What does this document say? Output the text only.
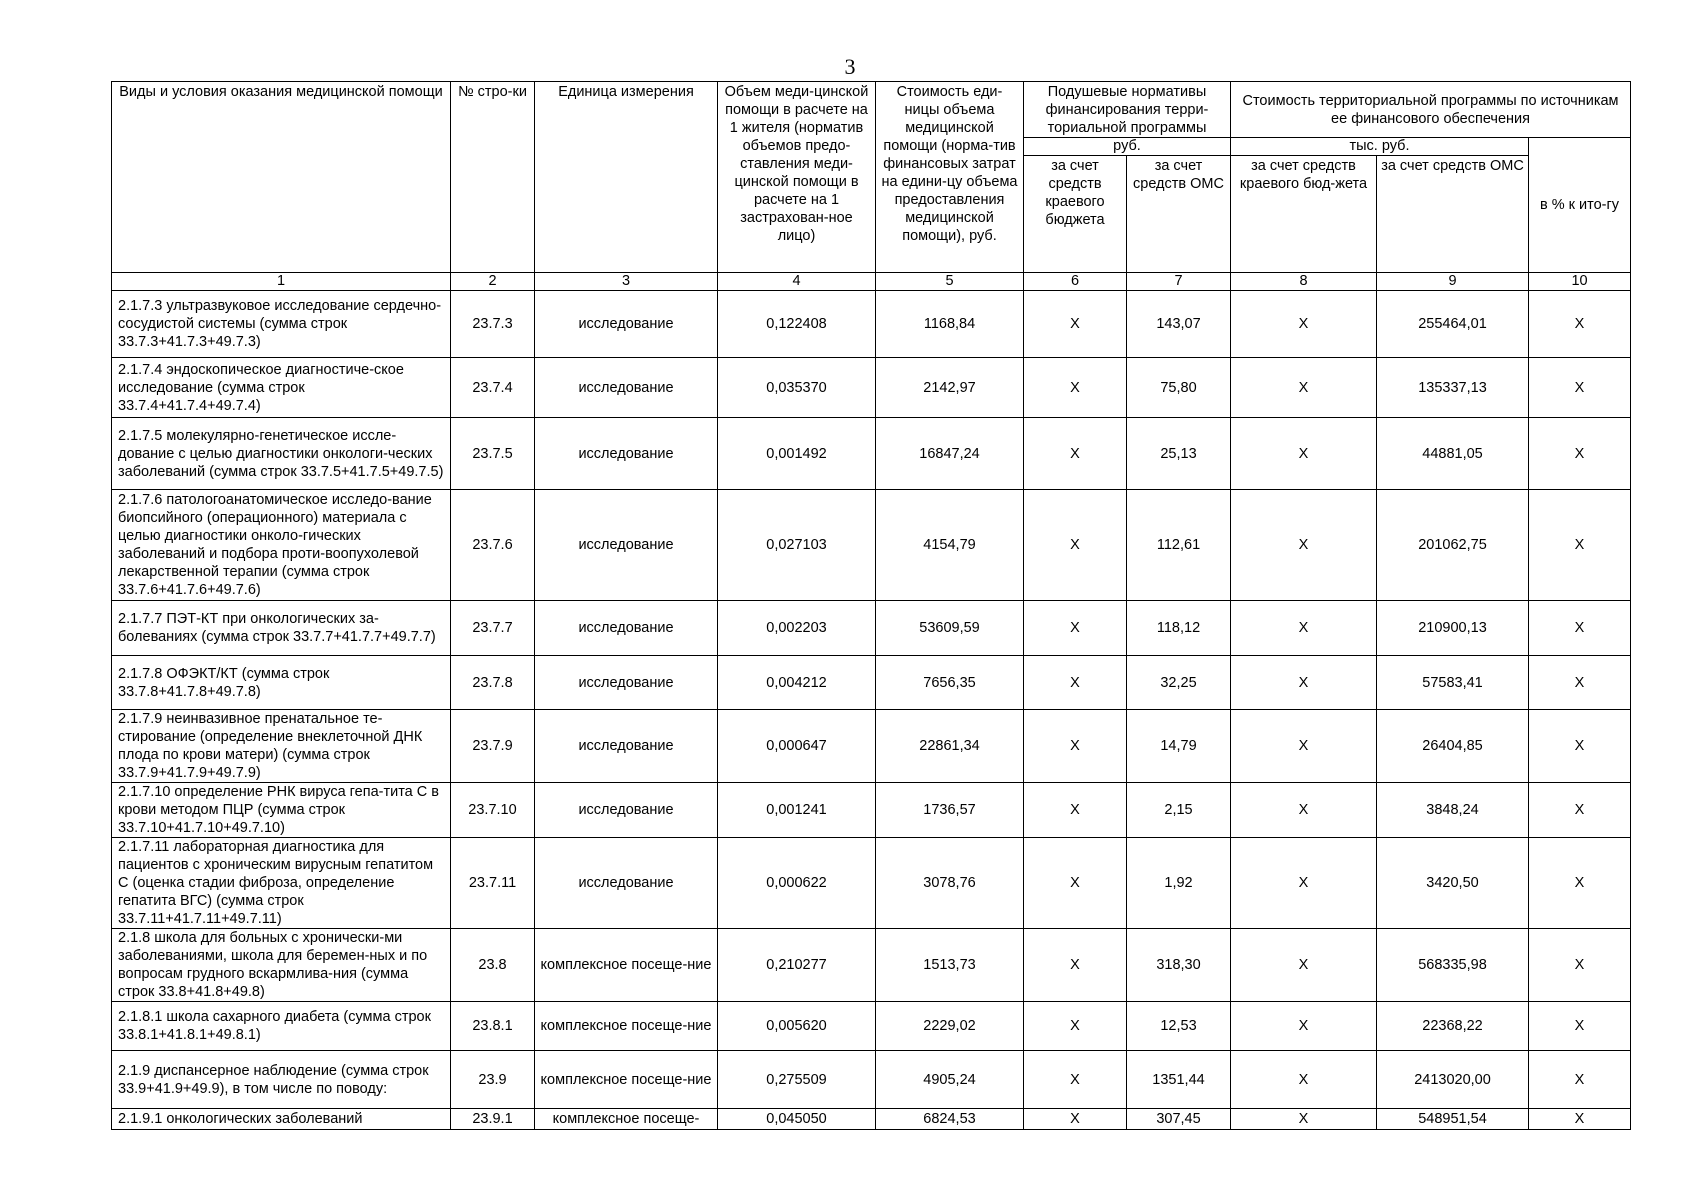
3
Виды и условия оказания медицинской помощи	№ стро-ки	Единица измерения	Объем меди-цинской помощи в расчете на 1 жителя (норматив объемов предо-ставления меди-цинской помощи в расчете на 1 застрахован-ное лицо)	Стоимость еди-ницы объема медицинской помощи (норма-тив финансовых затрат на едини-цу объема предоставления медицинской помощи), руб.	Подушевые нормативы финансирования терри-ториальной программы		Стоимость территориальной программы по источникам ее финансового обеспечения		
					руб.		тыс. руб.		в % к ито-гу
					за счет средств краевого бюджета	за счет средств ОМС	за счет средств краевого бюд-жета	за счет средств ОМС	
1	2	3	4	5	6	7	8	9	10
2.1.7.3 ультразвуковое исследование сердечно-сосудистой системы (сумма строк 33.7.3+41.7.3+49.7.3)	23.7.3	исследование	0,122408	1168,84	X	143,07	X	255464,01	X
2.1.7.4 эндоскопическое диагностиче-ское исследование (сумма строк 33.7.4+41.7.4+49.7.4)	23.7.4	исследование	0,035370	2142,97	X	75,80	X	135337,13	X
2.1.7.5 молекулярно-генетическое иссле-дование с целью диагностики онкологи-ческих заболеваний (сумма строк 33.7.5+41.7.5+49.7.5)	23.7.5	исследование	0,001492	16847,24	X	25,13	X	44881,05	X
2.1.7.6 патологоанатомическое исследо-вание биопсийного (операционного) материала с целью диагностики онколо-гических заболеваний и подбора проти-воопухолевой лекарственной терапии (сумма строк 33.7.6+41.7.6+49.7.6)	23.7.6	исследование	0,027103	4154,79	X	112,61	X	201062,75	X
2.1.7.7 ПЭТ-КТ при онкологических за-болеваниях (сумма строк 33.7.7+41.7.7+49.7.7)	23.7.7	исследование	0,002203	53609,59	X	118,12	X	210900,13	X
2.1.7.8 ОФЭКТ/КТ (сумма строк 33.7.8+41.7.8+49.7.8)	23.7.8	исследование	0,004212	7656,35	X	32,25	X	57583,41	X
2.1.7.9 неинвазивное пренатальное те-стирование (определение внеклеточной ДНК плода по крови матери) (сумма строк 33.7.9+41.7.9+49.7.9)	23.7.9	исследование	0,000647	22861,34	X	14,79	X	26404,85	X
2.1.7.10 определение РНК вируса гепа-тита С в крови методом ПЦР (сумма строк 33.7.10+41.7.10+49.7.10)	23.7.10	исследование	0,001241	1736,57	X	2,15	X	3848,24	X
2.1.7.11 лабораторная диагностика для пациентов с хроническим вирусным гепатитом С (оценка стадии фиброза, определение гепатита ВГС) (сумма строк 33.7.11+41.7.11+49.7.11)	23.7.11	исследование	0,000622	3078,76	X	1,92	X	3420,50	X
2.1.8 школа для больных с хронически-ми заболеваниями, школа для беремен-ных и по вопросам грудного вскармлива-ния (сумма строк 33.8+41.8+49.8)	23.8	комплексное посеще-ние	0,210277	1513,73	X	318,30	X	568335,98	X
2.1.8.1 школа сахарного диабета (сумма строк 33.8.1+41.8.1+49.8.1)	23.8.1	комплексное посеще-ние	0,005620	2229,02	X	12,53	X	22368,22	X
2.1.9 диспансерное наблюдение (сумма строк 33.9+41.9+49.9), в том числе по поводу:	23.9	комплексное посеще-ние	0,275509	4905,24	X	1351,44	X	2413020,00	X
2.1.9.1 онкологических заболеваний	23.9.1	комплексное посеще-	0,045050	6824,53	X	307,45	X	548951,54	X
